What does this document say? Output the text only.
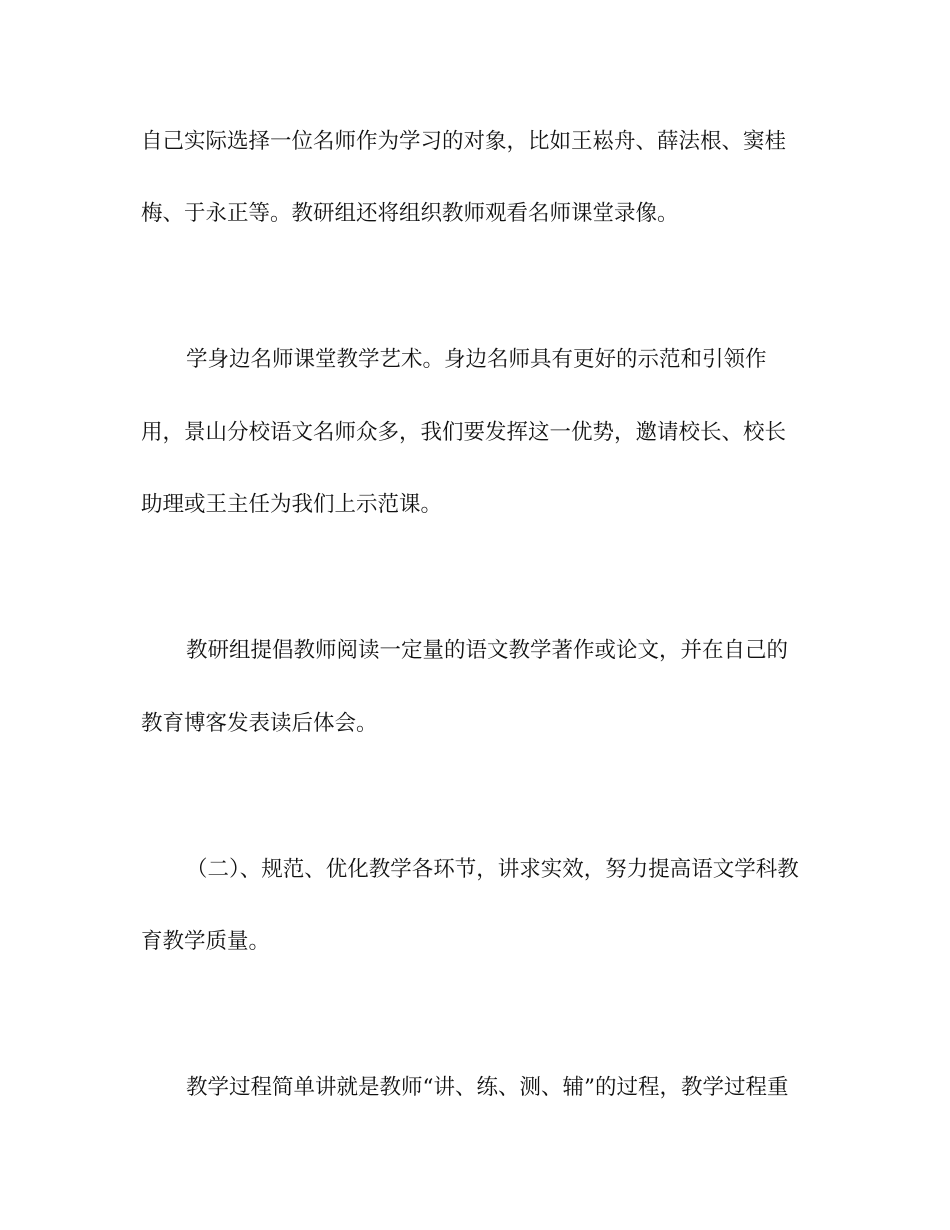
自己实际选择一位名师作为学习的对象，比如王崧舟、薛法根、窦桂

梅、于永正等。教研组还将组织教师观看名师课堂录像。

学身边名师课堂教学艺术。身边名师具有更好的示范和引领作

用，景山分校语文名师众多，我们要发挥这一优势，邀请校长、校长

助理或王主任为我们上示范课。

教研组提倡教师阅读一定量的语文教学著作或论文，并在自己的

教育博客发表读后体会。

（二）、规范、优化教学各环节，讲求实效，努力提高语文学科教

育教学质量。

教学过程简单讲就是教师“讲、练、测、辅”的过程，教学过程重
